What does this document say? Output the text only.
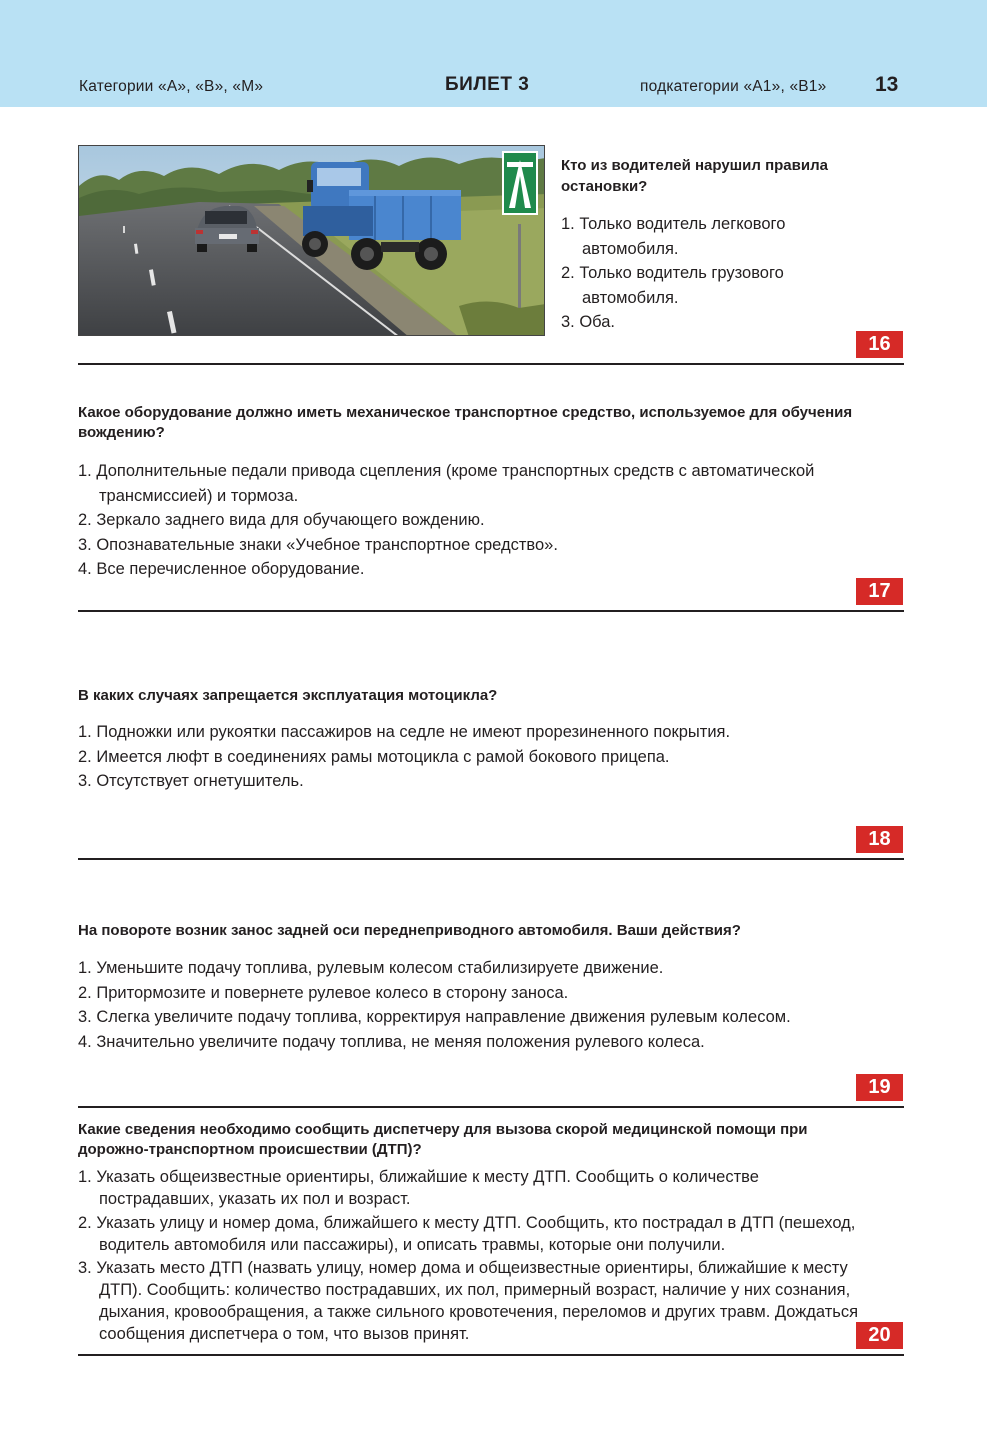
Категории «А», «В», «М»	БИЛЕТ 3	подкатегории «А1», «В1» 13
Кто из водителей нарушил правила остановки?
1. Только водитель легкового автомобиля.
2. Только водитель грузового автомобиля.
3. Оба.
16
Какое оборудование должно иметь механическое транспортное средство, используемое для обучения вождению?
1. Дополнительные педали привода сцепления (кроме транспортных средств с автоматической трансмиссией) и тормоза.
2. Зеркало заднего вида для обучающего вождению.
3. Опознавательные знаки «Учебное транспортное средство».
4. Все перечисленное оборудование.
17
В каких случаях запрещается эксплуатация мотоцикла?
1. Подножки или рукоятки пассажиров на седле не имеют прорезиненного покрытия.
2. Имеется люфт в соединениях рамы мотоцикла с рамой бокового прицепа.
3. Отсутствует огнетушитель.
18
На повороте возник занос задней оси переднеприводного автомобиля. Ваши действия?
1. Уменьшите подачу топлива, рулевым колесом стабилизируете движение.
2. Притормозите и повернете рулевое колесо в сторону заноса.
3. Слегка увеличите подачу топлива, корректируя направление движения рулевым колесом.
4. Значительно увеличите подачу топлива, не меняя положения рулевого колеса.
19
Какие сведения необходимо сообщить диспетчеру для вызова скорой медицинской помощи при дорожно-транспортном происшествии (ДТП)?
1. Указать общеизвестные ориентиры, ближайшие к месту ДТП. Сообщить о количестве пострадавших, указать их пол и возраст.
2. Указать улицу и номер дома, ближайшего к месту ДТП. Сообщить, кто пострадал в ДТП (пешеход, водитель автомобиля или пассажиры), и описать травмы, которые они получили.
3. Указать место ДТП (назвать улицу, номер дома и общеизвестные ориентиры, ближайшие к месту ДТП). Сообщить: количество пострадавших, их пол, примерный возраст, наличие у них сознания, дыхания, кровообращения, а также сильного кровотечения, переломов и других травм. Дождаться сообщения диспетчера о том, что вызов принят.	20
